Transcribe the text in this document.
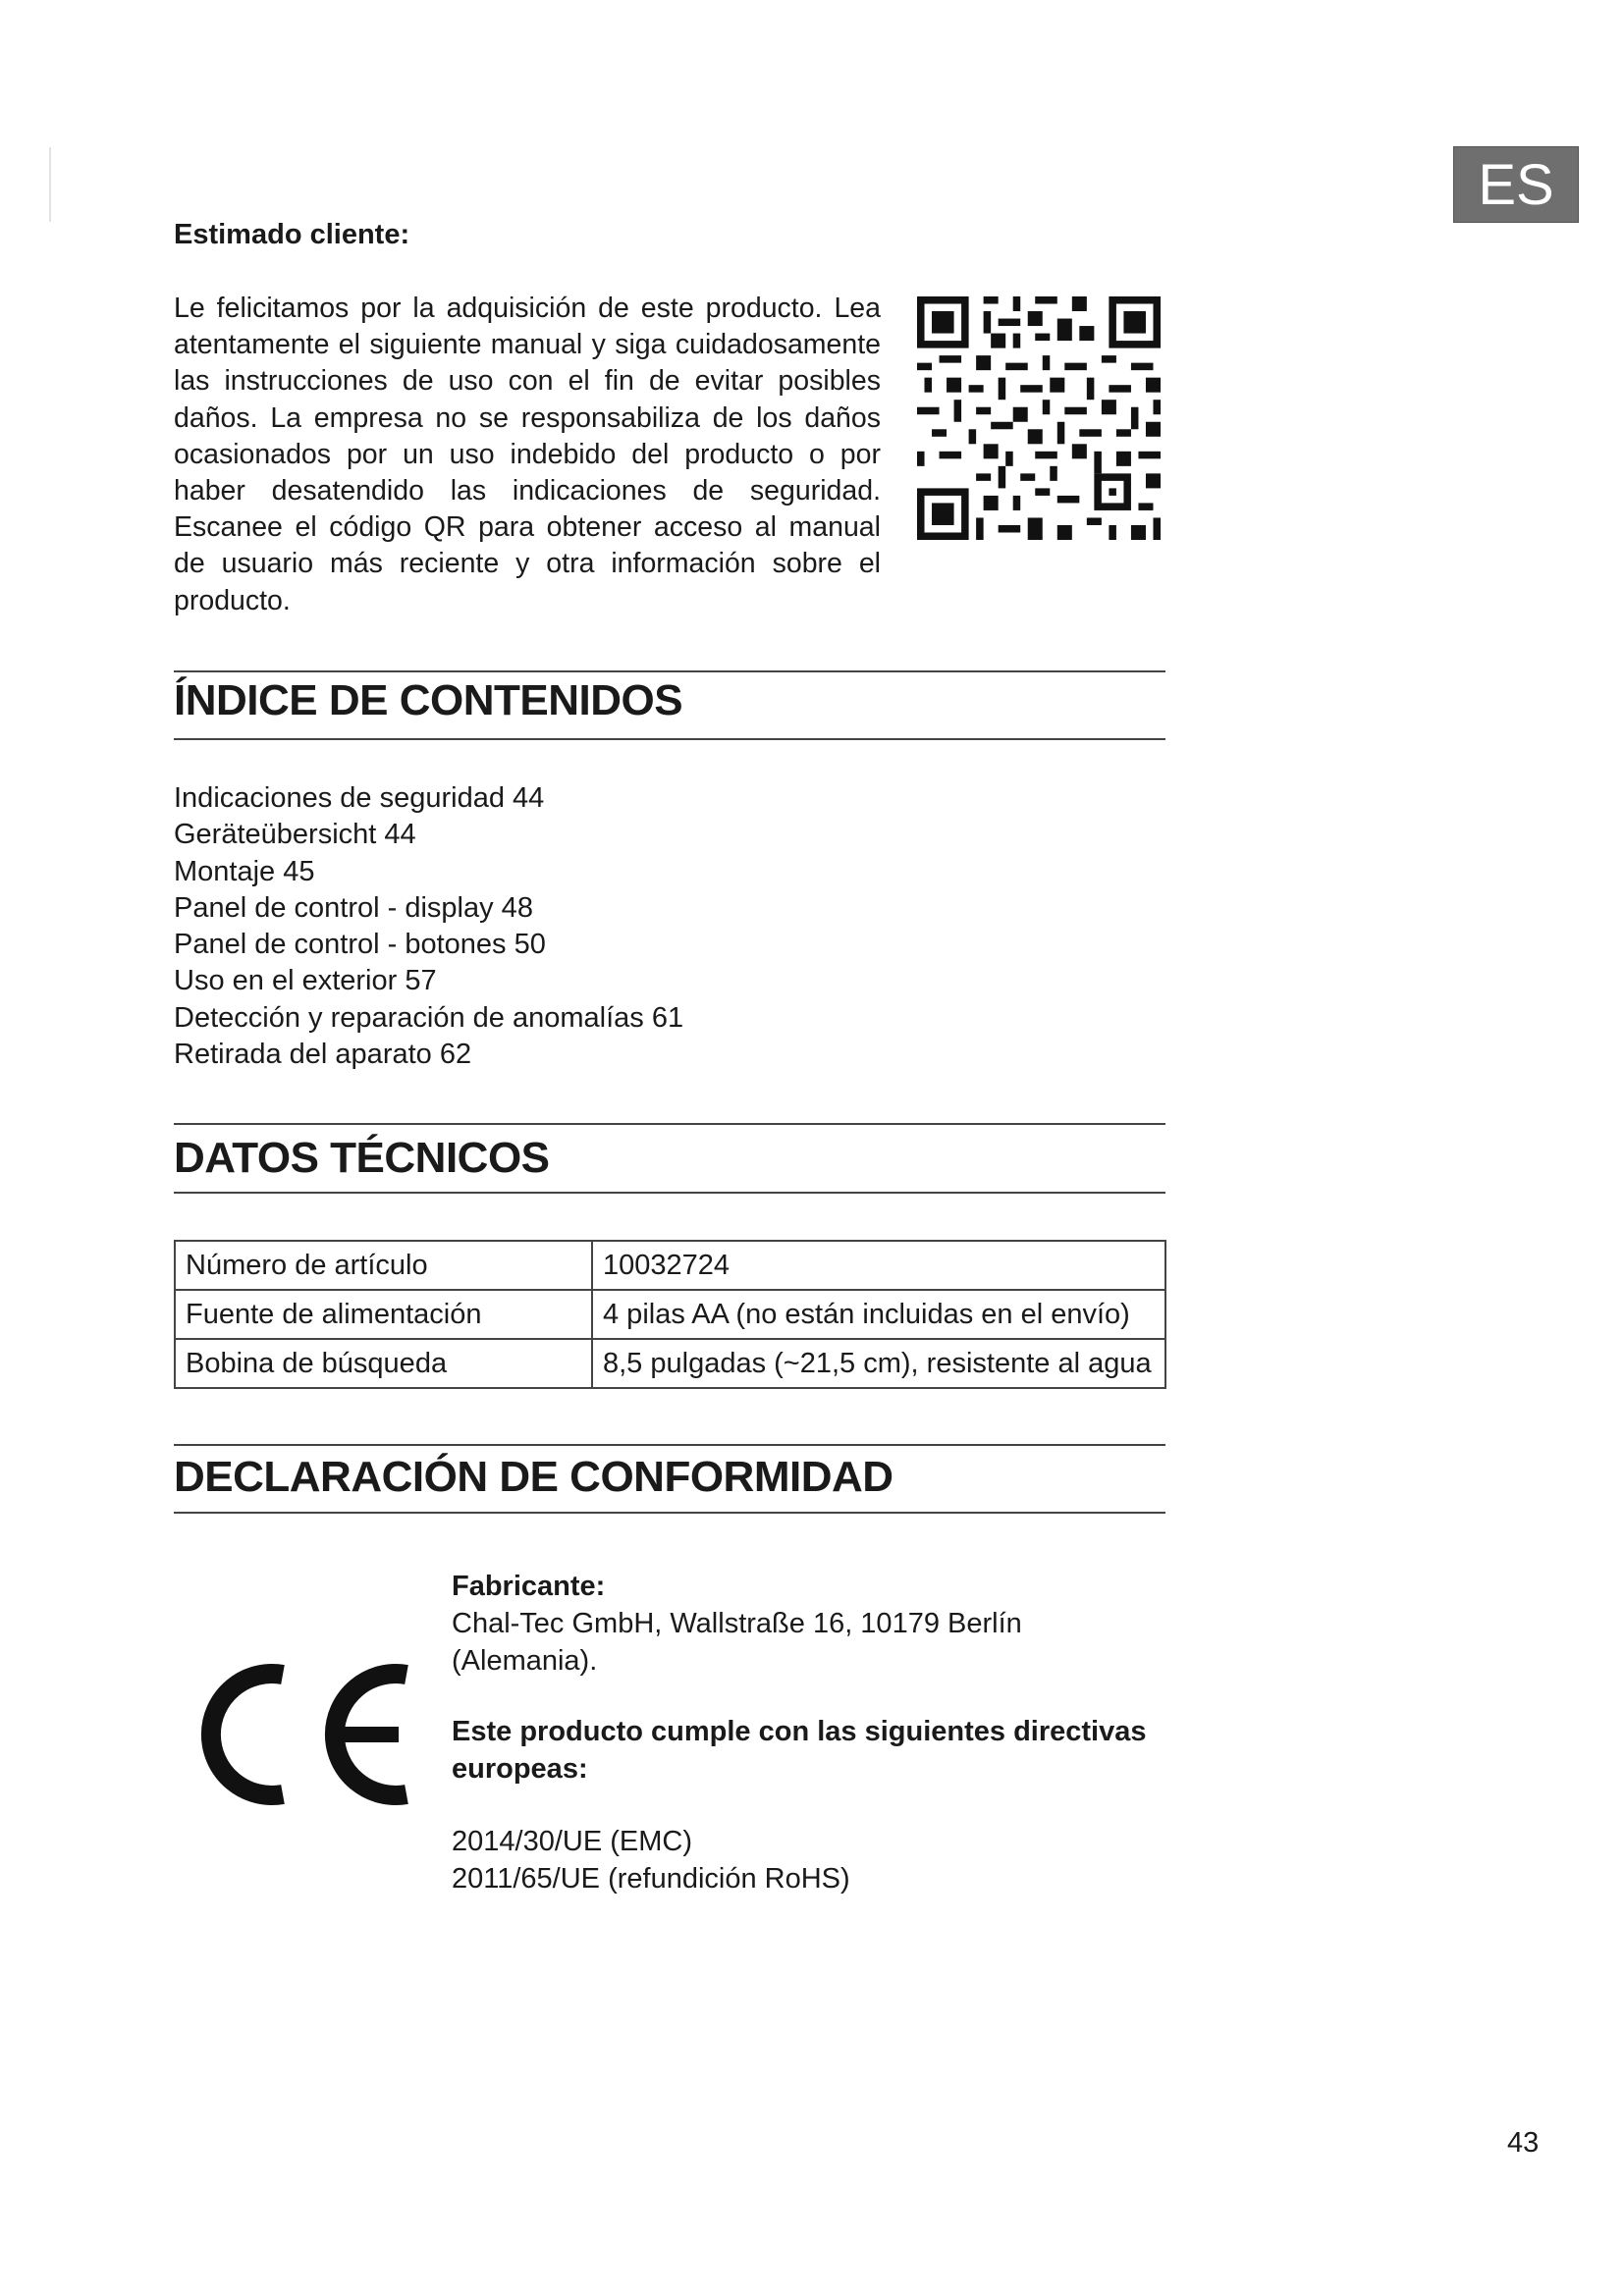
ES
Estimado cliente:
Le felicitamos por la adquisición de este producto. Lea atentamente el siguiente manual y siga cuidadosamente las instrucciones de uso con el fin de evitar posibles daños. La empresa no se responsabiliza de los daños ocasionados por un uso indebido del producto o por haber desatendido las indicaciones de seguridad. Escanee el código QR para obtener acceso al manual de usuario más reciente y otra información sobre el producto.
ÍNDICE DE CONTENIDOS
Indicaciones de seguridad 44
Geräteübersicht 44
Montaje 45
Panel de control - display 48
Panel de control - botones 50
Uso en el exterior 57
Detección y reparación de anomalías 61
Retirada del aparato 62
DATOS TÉCNICOS
Número de artículo	10032724
Fuente de alimentación	4 pilas AA (no están incluidas en el envío)
Bobina de búsqueda	8,5 pulgadas (~21,5 cm), resistente al agua
DECLARACIÓN DE CONFORMIDAD
Fabricante:
Chal-Tec GmbH, Wallstraße 16, 10179 Berlín
(Alemania).
Este producto cumple con las siguientes directivas
europeas:
2014/30/UE (EMC)
2011/65/UE (refundición RoHS)
43
